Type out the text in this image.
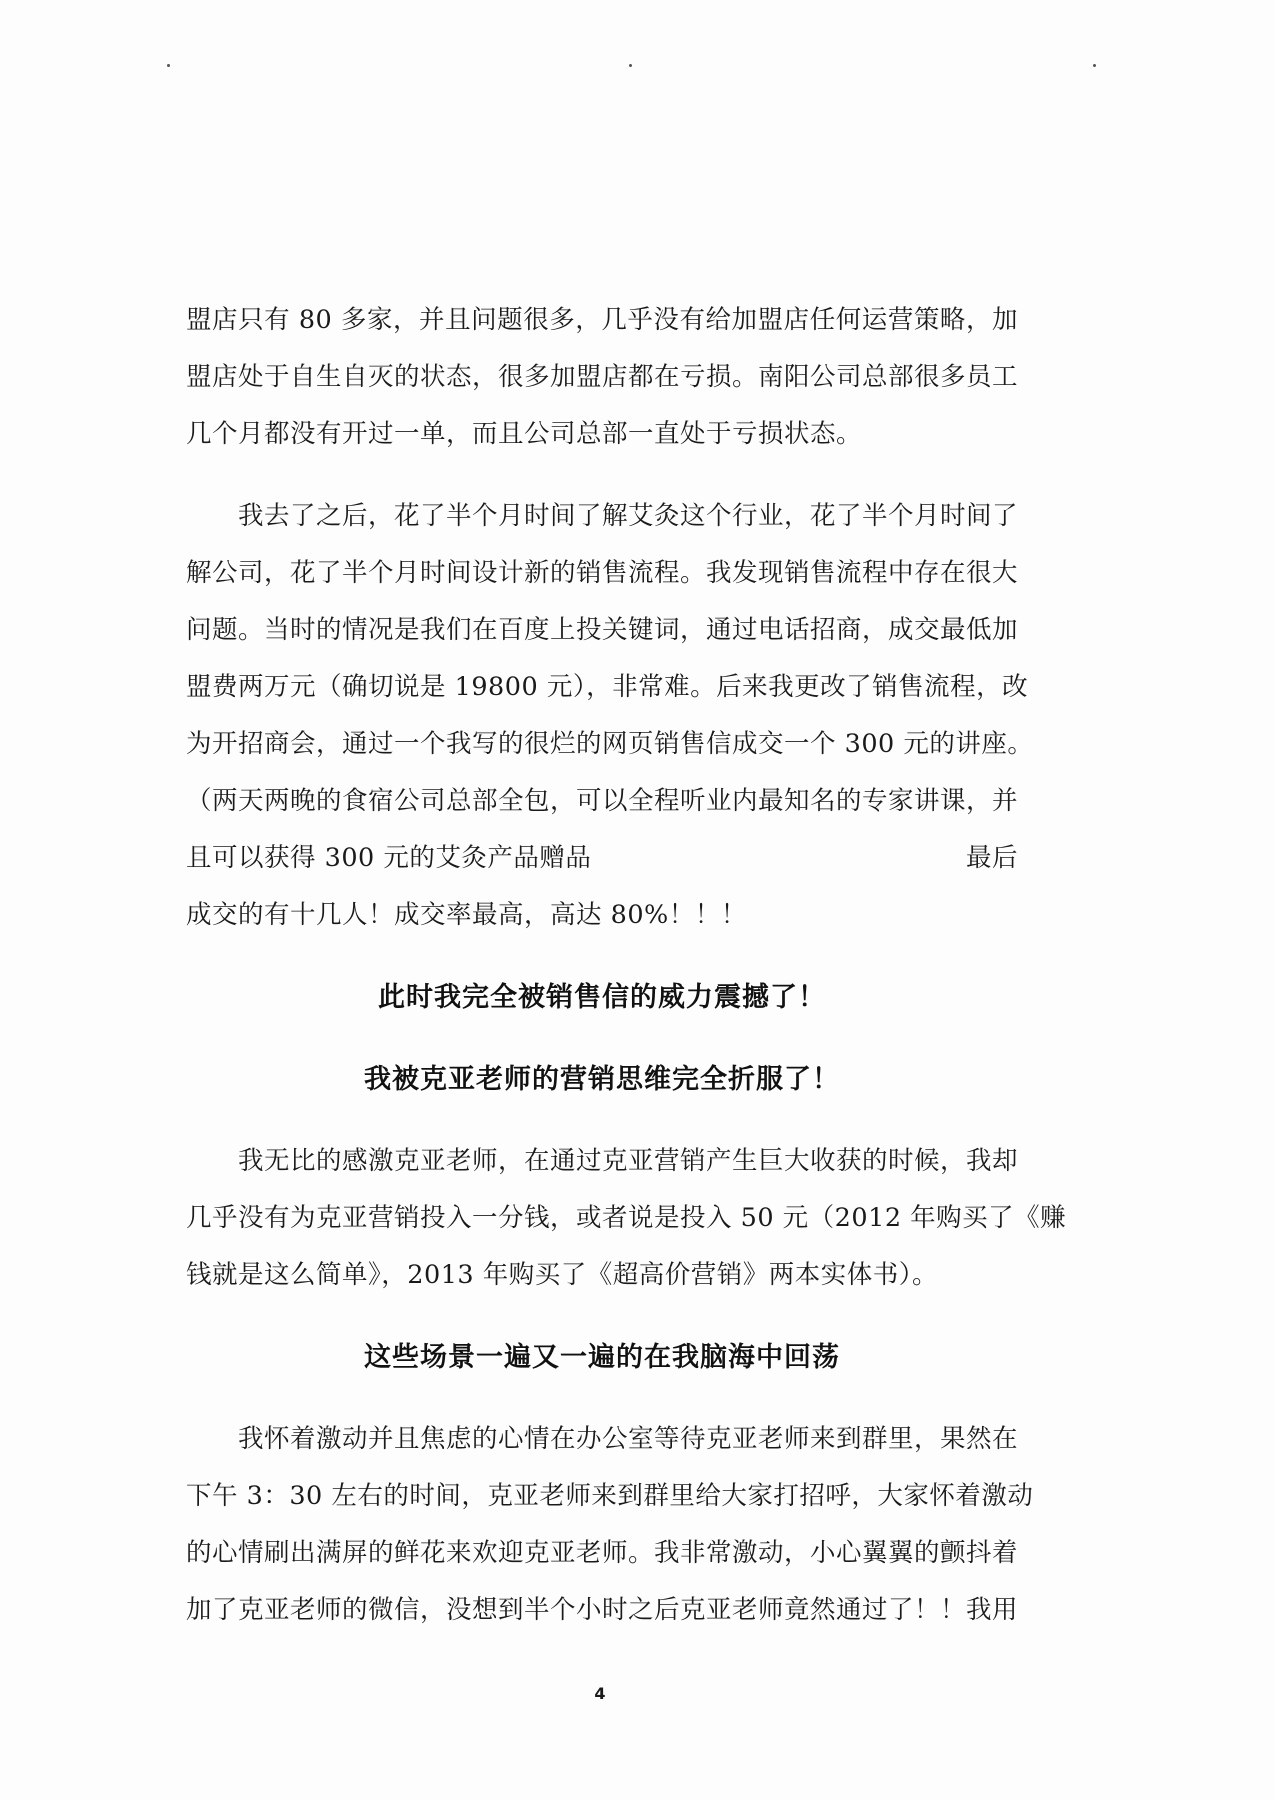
盟店只有 80 多家，并且问题很多，几乎没有给加盟店任何运营策略，加
盟店处于自生自灭的状态，很多加盟店都在亏损。南阳公司总部很多员工
几个月都没有开过一单，而且公司总部一直处于亏损状态。
我去了之后，花了半个月时间了解艾灸这个行业，花了半个月时间了
解公司，花了半个月时间设计新的销售流程。我发现销售流程中存在很大
问题。当时的情况是我们在百度上投关键词，通过电话招商，成交最低加
盟费两万元（确切说是 19800 元），非常难。后来我更改了销售流程，改
为开招商会，通过一个我写的很烂的网页销售信成交一个 300 元的讲座。
（两天两晚的食宿公司总部全包，可以全程听业内最知名的专家讲课，并
且可以获得 300 元的艾灸产品赠品	最后
成交的有十几人！成交率最高，高达 80%！！！
此时我完全被销售信的威力震撼了！
我被克亚老师的营销思维完全折服了！
我无比的感激克亚老师，在通过克亚营销产生巨大收获的时候，我却
几乎没有为克亚营销投入一分钱，或者说是投入 50 元（2012 年购买了《赚
钱就是这么简单》，2013 年购买了《超高价营销》两本实体书）。
这些场景一遍又一遍的在我脑海中回荡
我怀着激动并且焦虑的心情在办公室等待克亚老师来到群里，果然在
下午 3：30 左右的时间，克亚老师来到群里给大家打招呼，大家怀着激动
的心情刷出满屏的鲜花来欢迎克亚老师。我非常激动，小心翼翼的颤抖着
加了克亚老师的微信，没想到半个小时之后克亚老师竟然通过了！！我用
4
